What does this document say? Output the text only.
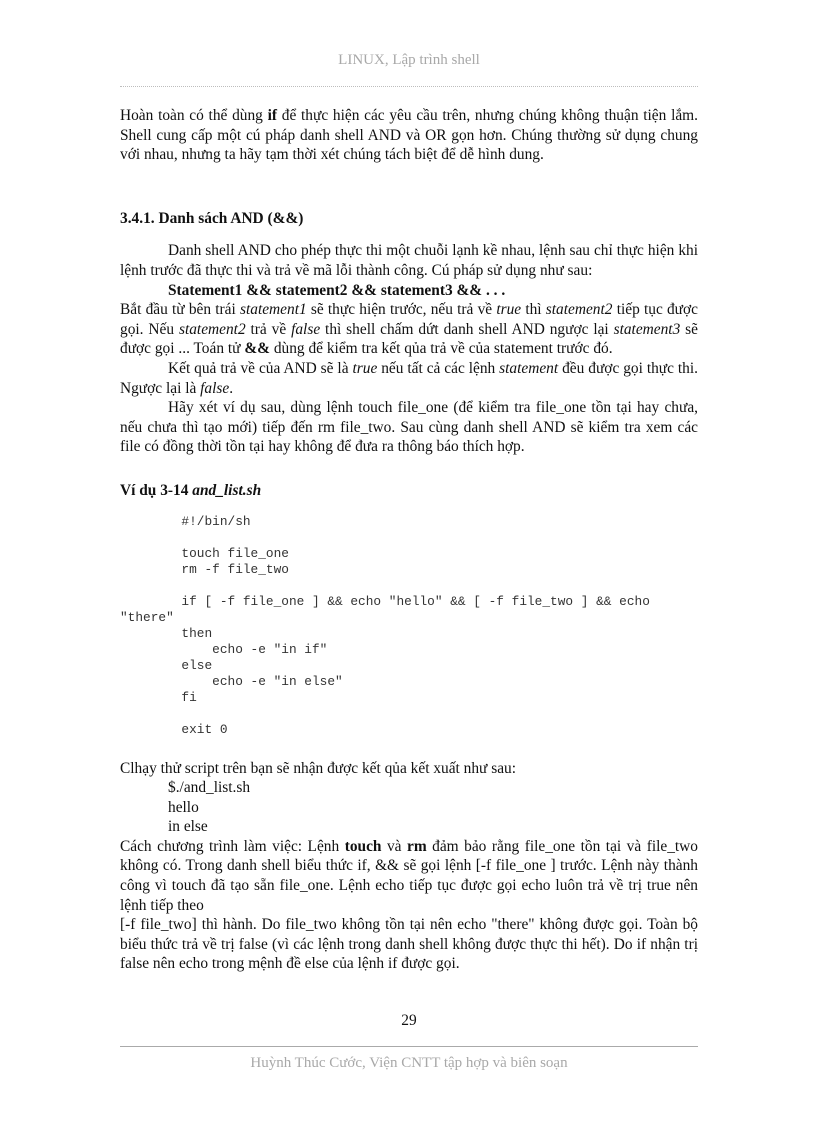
LINUX, Lập trình shell

Hoàn toàn có thể dùng if để thực hiện các yêu cầu trên, nhưng chúng không thuận tiện lắm. Shell cung cấp một cú pháp danh shell AND và OR gọn hơn. Chúng thường sử dụng chung với nhau, nhưng ta hãy tạm thời xét chúng tách biệt để dễ hình dung.

3.4.1. Danh sách AND (&&)

Danh shell AND cho phép thực thi một chuỗi lạnh kề nhau, lệnh sau chỉ thực hiện khi lệnh trước đã thực thi và trả về mã lỗi thành công. Cú pháp sử dụng như sau:

Statement1 && statement2 && statement3 && . . .

Bắt đầu từ bên trái statement1 sẽ thực hiện trước, nếu trả về true thì statement2 tiếp tục được gọi. Nếu statement2 trả về false thì shell chấm dứt danh shell AND ngược lại statement3 sẽ được gọi ... Toán tử && dùng để kiểm tra kết qủa trả về của statement trước đó.

Kết quả trả về của AND sẽ là true nếu tất cả các lệnh statement đều được gọi thực thi. Ngược lại là false.

Hãy xét ví dụ sau, dùng lệnh touch file_one (để kiểm tra file_one tồn tại hay chưa, nếu chưa thì tạo mới) tiếp đến rm file_two. Sau cùng danh shell AND sẽ kiểm tra xem các file có đồng thời tồn tại hay không để đưa ra thông báo thích hợp.

Ví dụ 3-14 and_list.sh
#!/bin/sh

touch file_one
rm -f file_two

if [ -f file_one ] && echo "hello" && [ -f file_two ] && echo
"there"
then
echo -e "in if"
else
echo -e "in else"
fi

exit 0

Clhạy thử script trên bạn sẽ nhận được kết qủa kết xuất như sau:

$./and_list.sh

hello

in else

Cách chương trình làm việc: Lệnh touch và rm đảm bảo rằng file_one tồn tại và file_two không có. Trong danh shell biểu thức if, && sẽ gọi lệnh [-f file_one ] trước. Lệnh này thành công vì touch đã tạo sẵn file_one. Lệnh echo tiếp tục được gọi echo luôn trả về trị true nên lệnh tiếp theo

[-f file_two] thì hành. Do file_two không tồn tại nên echo "there" không được gọi. Toàn bộ biểu thức trả về trị false (vì các lệnh trong danh shell không được thực thi hết). Do if nhận trị false nên echo trong mệnh đề else của lệnh if được gọi.

29
Huỳnh Thúc Cước, Viện CNTT tập hợp và biên soạn
